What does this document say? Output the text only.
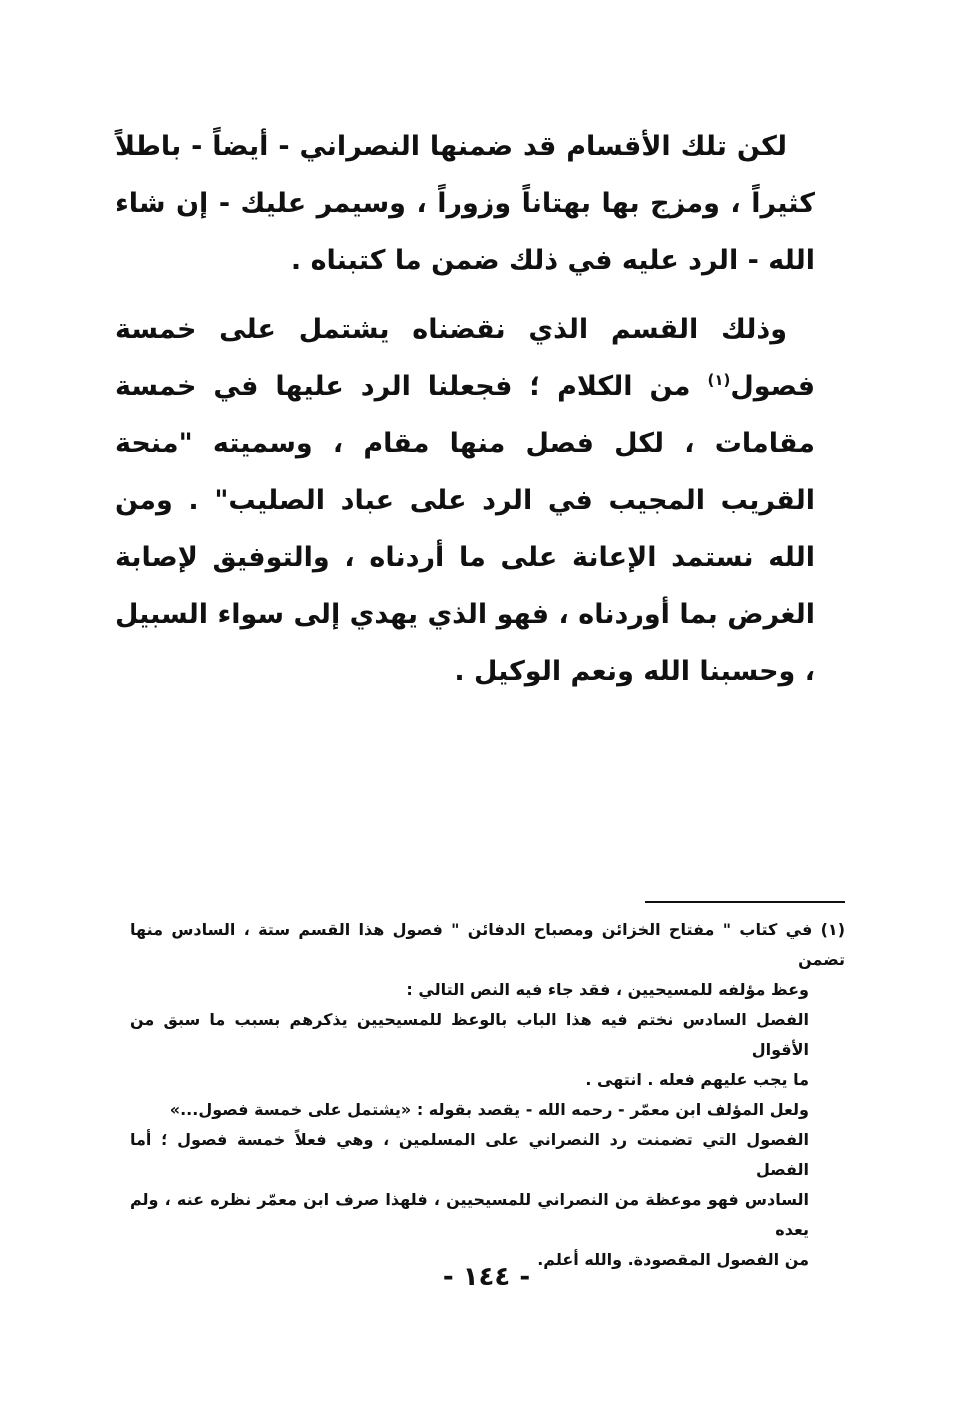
لكن تلك الأقسام قد ضمنها النصراني - أيضاً - باطلاً كثيراً ، ومزج بها بهتاناً وزوراً ، وسيمر عليك - إن شاء الله - الرد عليه في ذلك ضمن ما كتبناه .

وذلك القسم الذي نقضناه يشتمل على خمسة فصول$^{(١)}$ من الكلام ؛ فجعلنا الرد عليها في خمسة مقامات ، لكل فصل منها مقام ، وسميته "منحة القريب المجيب في الرد على عباد الصليب" . ومن الله نستمد الإعانة على ما أردناه ، والتوفيق لإصابة الغرض بما أوردناه ، فهو الذي يهدي إلى سواء السبيل ، وحسبنا الله ونعم الوكيل .

(١) في كتاب " مفتاح الخزائن ومصباح الدفائن " فصول هذا القسم ستة ، السادس منها تضمن

وعظ مؤلفه للمسيحيين ، فقد جاء فيه النص التالي :

الفصل السادس نختم فيه هذا الباب بالوعظ للمسيحيين يذكرهم بسبب ما سبق من الأقوال

ما يجب عليهم فعله . انتهى .

ولعل المؤلف ابن معمّر - رحمه الله - يقصد بقوله : «يشتمل على خمسة فصول...»

الفصول التي تضمنت رد النصراني على المسلمين ، وهي فعلاً خمسة فصول ؛ أما الفصل

السادس فهو موعظة من النصراني للمسيحيين ، فلهذا صرف ابن معمّر نظره عنه ، ولم يعده

من الفصول المقصودة. والله أعلم.

- ١٤٤ -
